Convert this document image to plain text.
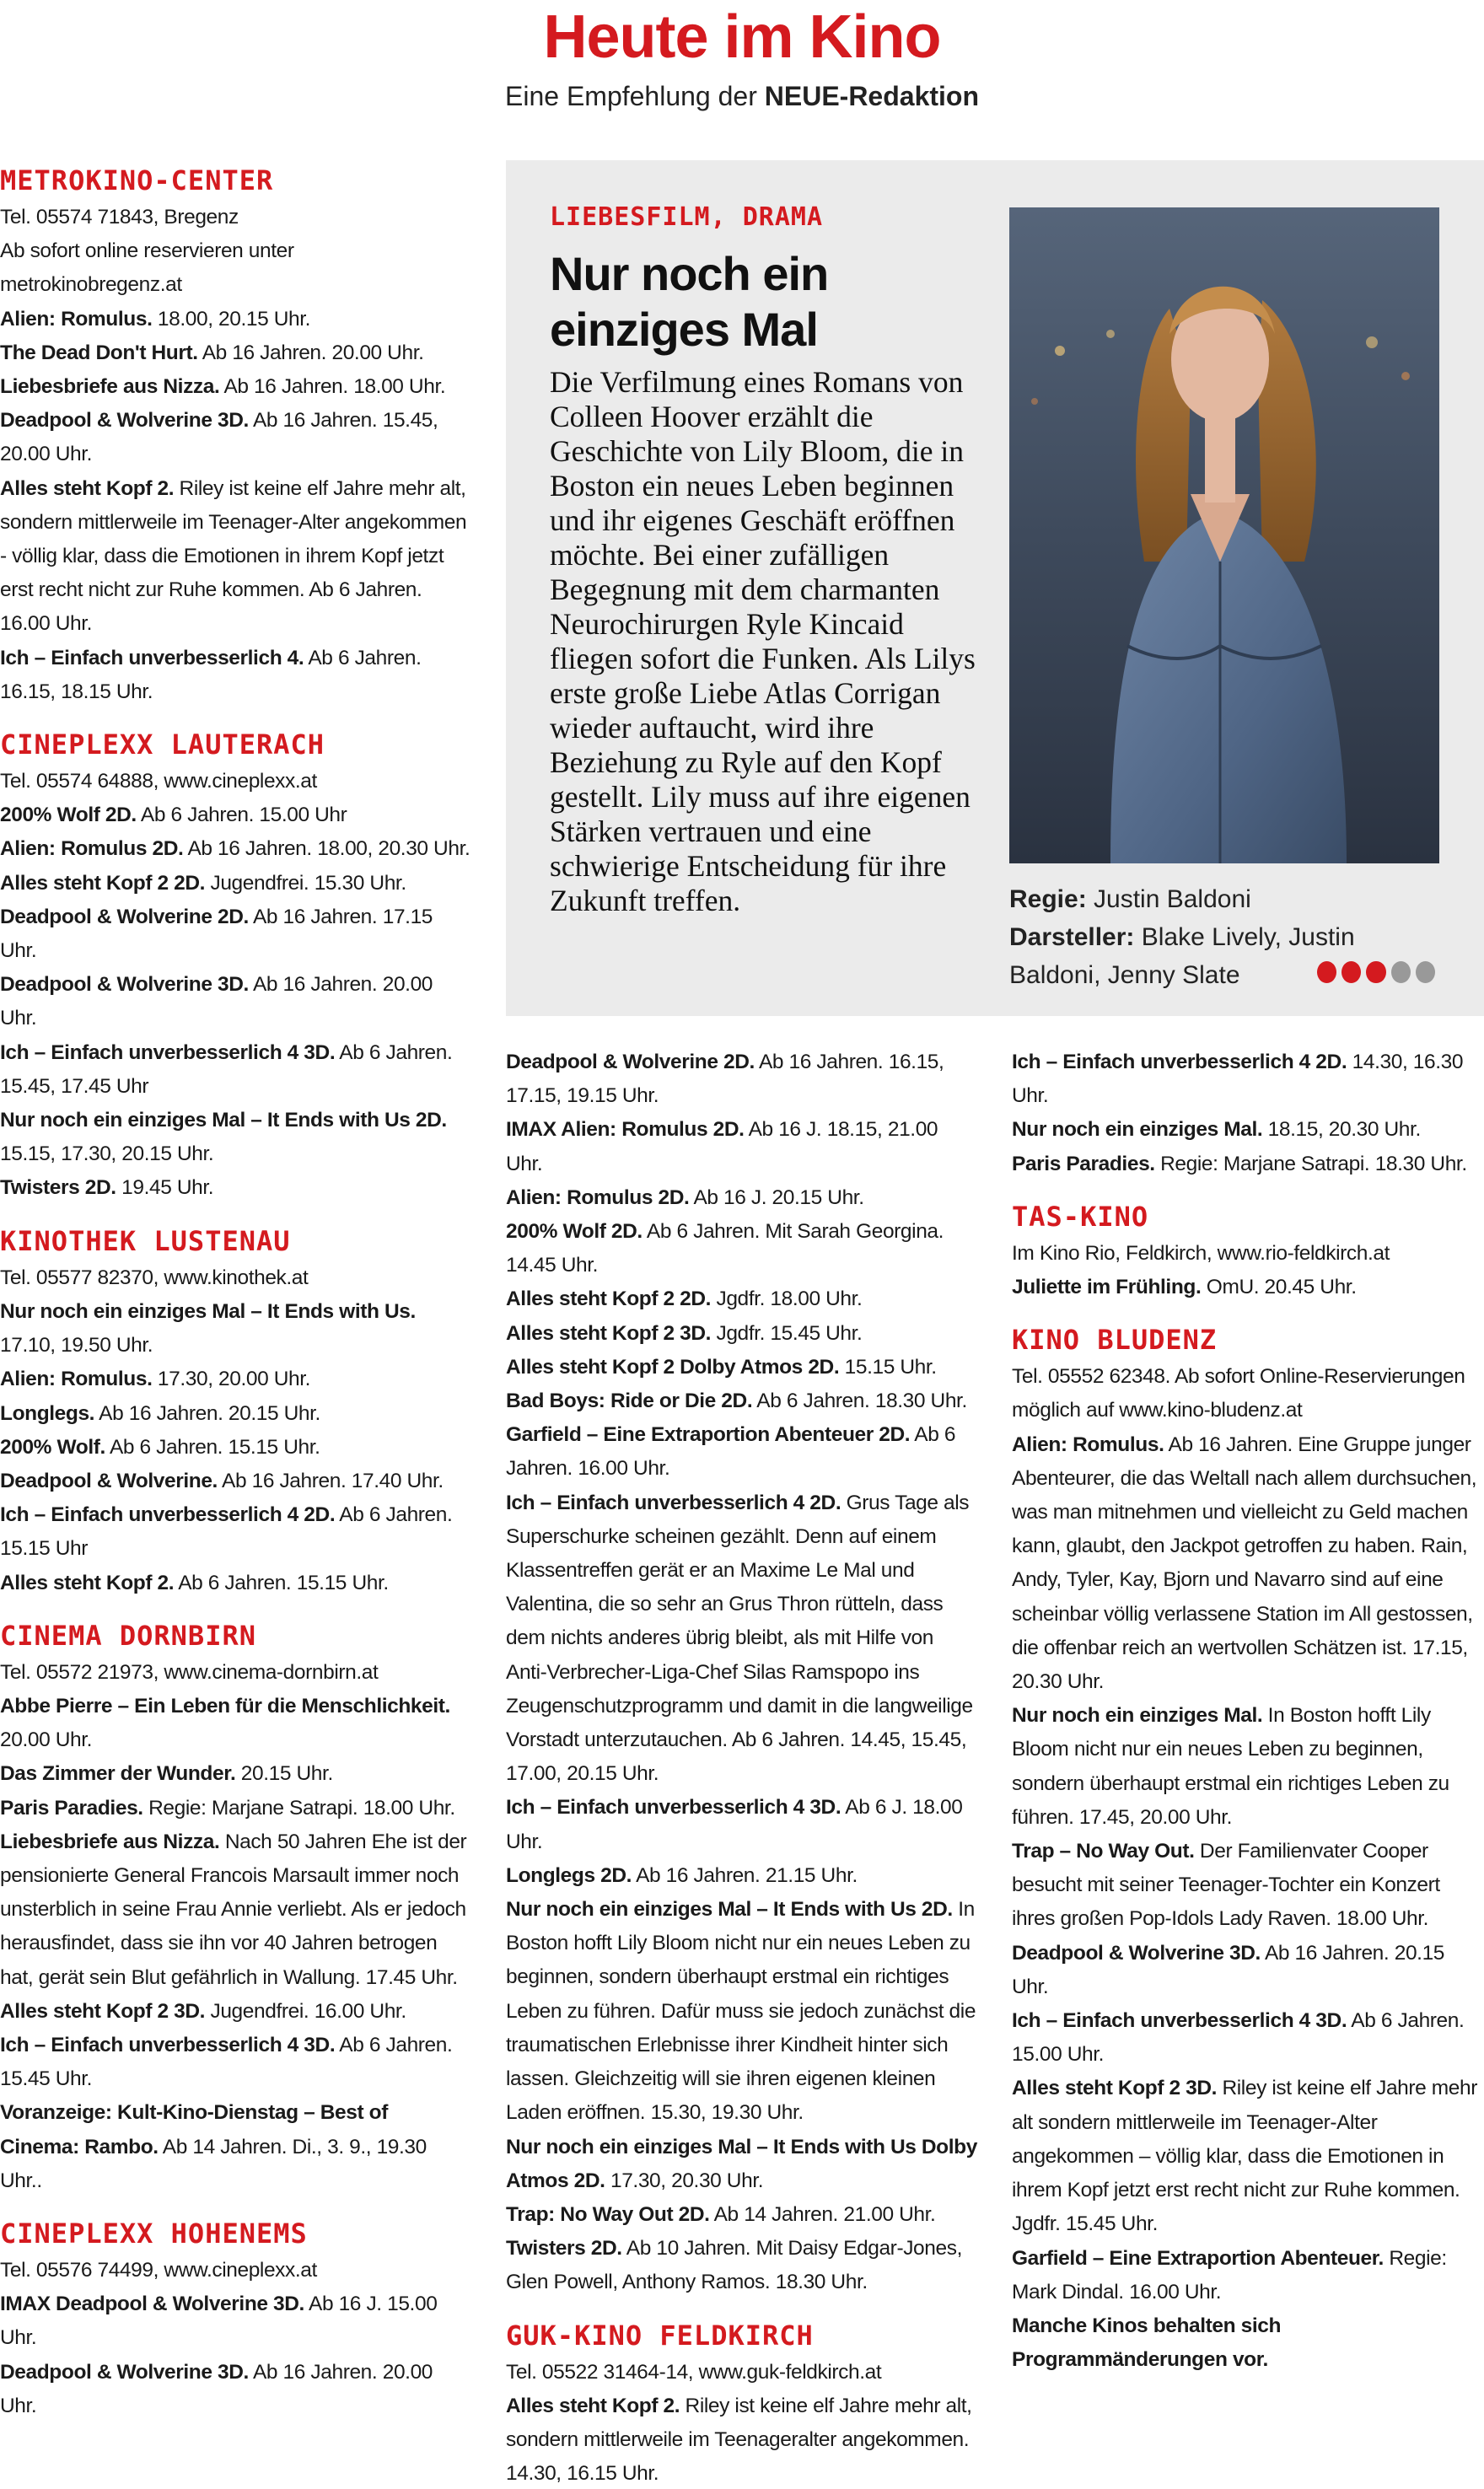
Heute im Kino
Eine Empfehlung der NEUE-Redaktion
METROKINO-CENTER
Tel. 05574 71843, Bregenz
Ab sofort online reservieren unter metrokinobregenz.at
Alien: Romulus. 18.00, 20.15 Uhr.
The Dead Don't Hurt. Ab 16 Jahren. 20.00 Uhr.
Liebesbriefe aus Nizza. Ab 16 Jahren. 18.00 Uhr.
Deadpool & Wolverine 3D. Ab 16 Jahren. 15.45, 20.00 Uhr.
Alles steht Kopf 2. Riley ist keine elf Jahre mehr alt, sondern mittlerweile im Teenager-Alter angekommen - völlig klar, dass die Emotionen in ihrem Kopf jetzt erst recht nicht zur Ruhe kommen. Ab 6 Jahren. 16.00 Uhr.
Ich – Einfach unverbesserlich 4. Ab 6 Jahren. 16.15, 18.15 Uhr.
CINEPLEXX LAUTERACH
Tel. 05574 64888, www.cineplexx.at
200% Wolf 2D. Ab 6 Jahren. 15.00 Uhr
Alien: Romulus 2D. Ab 16 Jahren. 18.00, 20.30 Uhr.
Alles steht Kopf 2 2D. Jugendfrei. 15.30 Uhr.
Deadpool & Wolverine 2D. Ab 16 Jahren. 17.15 Uhr.
Deadpool & Wolverine 3D. Ab 16 Jahren. 20.00 Uhr.
Ich – Einfach unverbesserlich 4 3D. Ab 6 Jahren. 15.45, 17.45 Uhr
Nur noch ein einziges Mal – It Ends with Us 2D. 15.15, 17.30, 20.15 Uhr.
Twisters 2D. 19.45 Uhr.
KINOTHEK LUSTENAU
Tel. 05577 82370, www.kinothek.at
Nur noch ein einziges Mal – It Ends with Us. 17.10, 19.50 Uhr.
Alien: Romulus. 17.30, 20.00 Uhr.
Longlegs. Ab 16 Jahren. 20.15 Uhr.
200% Wolf. Ab 6 Jahren. 15.15 Uhr.
Deadpool & Wolverine. Ab 16 Jahren. 17.40 Uhr.
Ich – Einfach unverbesserlich 4 2D. Ab 6 Jahren. 15.15 Uhr
Alles steht Kopf 2. Ab 6 Jahren. 15.15 Uhr.
CINEMA DORNBIRN
Tel. 05572 21973, www.cinema-dornbirn.at
Abbe Pierre – Ein Leben für die Menschlichkeit. 20.00 Uhr.
Das Zimmer der Wunder. 20.15 Uhr.
Paris Paradies. Regie: Marjane Satrapi. 18.00 Uhr.
Liebesbriefe aus Nizza. Nach 50 Jahren Ehe ist der pensionierte General Francois Marsault immer noch unsterblich in seine Frau Annie verliebt. Als er jedoch herausfindet, dass sie ihn vor 40 Jahren betrogen hat, gerät sein Blut gefährlich in Wallung. 17.45 Uhr.
Alles steht Kopf 2 3D. Jugendfrei. 16.00 Uhr.
Ich – Einfach unverbesserlich 4 3D. Ab 6 Jahren. 15.45 Uhr.
Voranzeige: Kult-Kino-Dienstag – Best of Cinema: Rambo. Ab 14 Jahren. Di., 3. 9., 19.30 Uhr..
CINEPLEXX HOHENEMS
Tel. 05576 74499, www.cineplexx.at
IMAX Deadpool & Wolverine 3D. Ab 16 J. 15.00 Uhr.
Deadpool & Wolverine 3D. Ab 16 Jahren. 20.00 Uhr.
LIEBESFILM, DRAMA
Nur noch ein einziges Mal
Die Verfilmung eines Romans von Colleen Hoover erzählt die Geschichte von Lily Bloom, die in Boston ein neues Leben beginnen und ihr eigenes Geschäft eröffnen möchte. Bei einer zufälligen Begegnung mit dem charmanten Neurochirurgen Ryle Kincaid fliegen sofort die Funken. Als Lilys erste große Liebe Atlas Corrigan wieder auftaucht, wird ihre Beziehung zu Ryle auf den Kopf gestellt. Lily muss auf ihre eigenen Stärken vertrauen und eine schwierige Entscheidung für ihre Zukunft treffen.	Regie: Justin Baldoni
Darsteller: Blake Lively, Justin Baldoni, Jenny Slate
Deadpool & Wolverine 2D. Ab 16 Jahren. 16.15, 17.15, 19.15 Uhr.
IMAX Alien: Romulus 2D. Ab 16 J. 18.15, 21.00 Uhr.
Alien: Romulus 2D. Ab 16 J. 20.15 Uhr.
200% Wolf 2D. Ab 6 Jahren. Mit Sarah Georgina. 14.45 Uhr.
Alles steht Kopf 2 2D. Jgdfr. 18.00 Uhr.
Alles steht Kopf 2 3D. Jgdfr. 15.45 Uhr.
Alles steht Kopf 2 Dolby Atmos 2D. 15.15 Uhr.
Bad Boys: Ride or Die 2D. Ab 6 Jahren. 18.30 Uhr.
Garfield – Eine Extraportion Abenteuer 2D. Ab 6 Jahren. 16.00 Uhr.
Ich – Einfach unverbesserlich 4 2D. Grus Tage als Superschurke scheinen gezählt. Denn auf einem Klassentreffen gerät er an Maxime Le Mal und Valentina, die so sehr an Grus Thron rütteln, dass dem nichts anderes übrig bleibt, als mit Hilfe von Anti-Verbrecher-Liga-Chef Silas Ramspopo ins Zeugenschutzprogramm und damit in die langweilige Vorstadt unterzutauchen. Ab 6 Jahren. 14.45, 15.45, 17.00, 20.15 Uhr.
Ich – Einfach unverbesserlich 4 3D. Ab 6 J. 18.00 Uhr.
Longlegs 2D. Ab 16 Jahren. 21.15 Uhr.
Nur noch ein einziges Mal – It Ends with Us 2D. In Boston hofft Lily Bloom nicht nur ein neues Leben zu beginnen, sondern überhaupt erstmal ein richtiges Leben zu führen. Dafür muss sie jedoch zunächst die traumatischen Erlebnisse ihrer Kindheit hinter sich lassen. Gleichzeitig will sie ihren eigenen kleinen Laden eröffnen. 15.30, 19.30 Uhr.
Nur noch ein einziges Mal – It Ends with Us Dolby Atmos 2D. 17.30, 20.30 Uhr.
Trap: No Way Out 2D. Ab 14 Jahren. 21.00 Uhr.
Twisters 2D. Ab 10 Jahren. Mit Daisy Edgar-Jones, Glen Powell, Anthony Ramos. 18.30 Uhr.
GUK-KINO FELDKIRCH
Tel. 05522 31464-14, www.guk-feldkirch.at
Alles steht Kopf 2. Riley ist keine elf Jahre mehr alt, sondern mittlerweile im Teenageralter angekommen. 14.30, 16.15 Uhr.
Ich – Einfach unverbesserlich 4 2D. 14.30, 16.30 Uhr.
Nur noch ein einziges Mal. 18.15, 20.30 Uhr.
Paris Paradies. Regie: Marjane Satrapi. 18.30 Uhr.
TAS-KINO
Im Kino Rio, Feldkirch, www.rio-feldkirch.at
Juliette im Frühling. OmU. 20.45 Uhr.
KINO BLUDENZ
Tel. 05552 62348. Ab sofort Online-Reservierungen möglich auf www.kino-bludenz.at
Alien: Romulus. Ab 16 Jahren. Eine Gruppe junger Abenteurer, die das Weltall nach allem durchsuchen, was man mitnehmen und vielleicht zu Geld machen kann, glaubt, den Jackpot getroffen zu haben. Rain, Andy, Tyler, Kay, Bjorn und Navarro sind auf eine scheinbar völlig verlassene Station im All gestossen, die offenbar reich an wertvollen Schätzen ist. 17.15, 20.30 Uhr.
Nur noch ein einziges Mal. In Boston hofft Lily Bloom nicht nur ein neues Leben zu beginnen, sondern überhaupt erstmal ein richtiges Leben zu führen. 17.45, 20.00 Uhr.
Trap – No Way Out. Der Familienvater Cooper besucht mit seiner Teenager-Tochter ein Konzert ihres großen Pop-Idols Lady Raven. 18.00 Uhr.
Deadpool & Wolverine 3D. Ab 16 Jahren. 20.15 Uhr.
Ich – Einfach unverbesserlich 4 3D. Ab 6 Jahren. 15.00 Uhr.
Alles steht Kopf 2 3D. Riley ist keine elf Jahre mehr alt sondern mittlerweile im Teenager-Alter angekommen – völlig klar, dass die Emotionen in ihrem Kopf jetzt erst recht nicht zur Ruhe kommen. Jgdfr. 15.45 Uhr.
Garfield – Eine Extraportion Abenteuer. Regie: Mark Dindal. 16.00 Uhr.
Manche Kinos behalten sich Programmänderungen vor.
